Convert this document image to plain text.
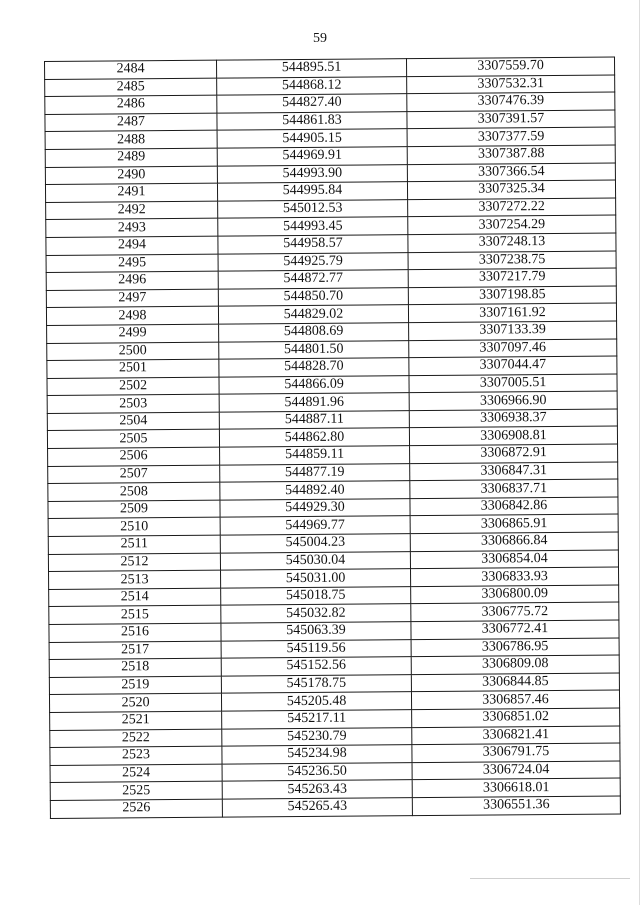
59
2484	544895.51	3307559.70
2485	544868.12	3307532.31
2486	544827.40	3307476.39
2487	544861.83	3307391.57
2488	544905.15	3307377.59
2489	544969.91	3307387.88
2490	544993.90	3307366.54
2491	544995.84	3307325.34
2492	545012.53	3307272.22
2493	544993.45	3307254.29
2494	544958.57	3307248.13
2495	544925.79	3307238.75
2496	544872.77	3307217.79
2497	544850.70	3307198.85
2498	544829.02	3307161.92
2499	544808.69	3307133.39
2500	544801.50	3307097.46
2501	544828.70	3307044.47
2502	544866.09	3307005.51
2503	544891.96	3306966.90
2504	544887.11	3306938.37
2505	544862.80	3306908.81
2506	544859.11	3306872.91
2507	544877.19	3306847.31
2508	544892.40	3306837.71
2509	544929.30	3306842.86
2510	544969.77	3306865.91
2511	545004.23	3306866.84
2512	545030.04	3306854.04
2513	545031.00	3306833.93
2514	545018.75	3306800.09
2515	545032.82	3306775.72
2516	545063.39	3306772.41
2517	545119.56	3306786.95
2518	545152.56	3306809.08
2519	545178.75	3306844.85
2520	545205.48	3306857.46
2521	545217.11	3306851.02
2522	545230.79	3306821.41
2523	545234.98	3306791.75
2524	545236.50	3306724.04
2525	545263.43	3306618.01
2526	545265.43	3306551.36
